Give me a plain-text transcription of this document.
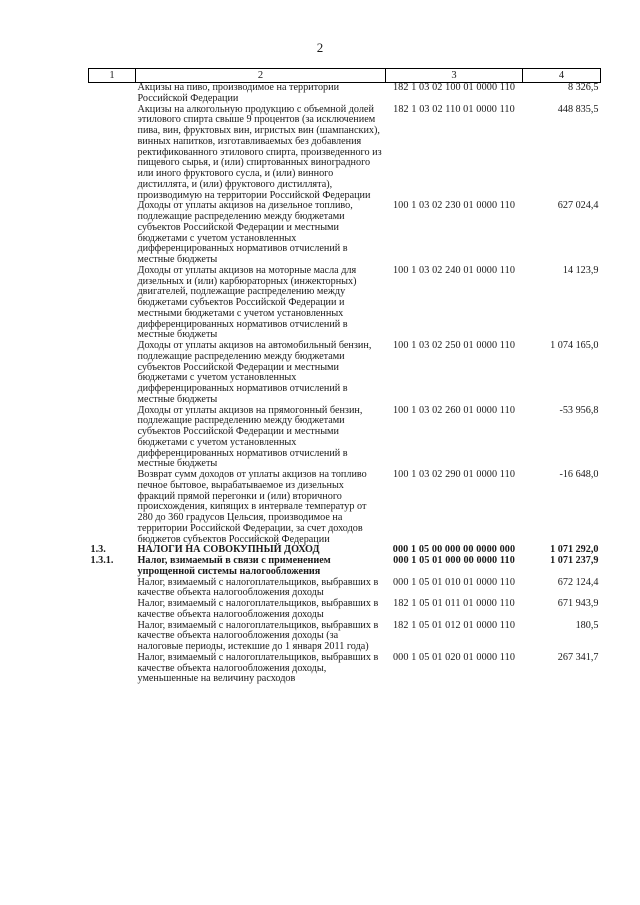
2
1	2	3	4
	Акцизы на пиво, производимое на территории Российской Федерации	182 1 03 02 100 01 0000 110	8 326,5
	Акцизы на алкогольную продукцию с объемной долей этилового спирта свыше 9 процентов (за исключением пива, вин, фруктовых вин, игристых вин (шампанских), винных напитков, изготавливаемых без добавления ректификованного этилового спирта, произведенного из пищевого сырья, и (или) спиртованных виноградного или иного фруктового сусла, и (или) винного дистиллята, и (или) фруктового дистиллята), производимую на территории Российской Федерации	182 1 03 02 110 01 0000 110	448 835,5
	Доходы от уплаты акцизов на дизельное топливо, подлежащие распределению между бюджетами субъектов Российской Федерации и местными бюджетами с учетом установленных дифференцированных нормативов отчислений в местные бюджеты	100 1 03 02 230 01 0000 110	627 024,4
	Доходы от уплаты акцизов на моторные масла для дизельных и (или) карбюраторных (инжекторных) двигателей, подлежащие распределению между бюджетами субъектов Российской Федерации и местными бюджетами с учетом установленных дифференцированных нормативов отчислений в местные бюджеты	100 1 03 02 240 01 0000 110	14 123,9
	Доходы от уплаты акцизов на автомобильный бензин, подлежащие распределению между бюджетами субъектов Российской Федерации и местными бюджетами с учетом установленных дифференцированных нормативов отчислений в местные бюджеты	100 1 03 02 250 01 0000 110	1 074 165,0
	Доходы от уплаты акцизов на прямогонный бензин, подлежащие распределению между бюджетами субъектов Российской Федерации и местными бюджетами с учетом установленных дифференцированных нормативов отчислений в местные бюджеты	100 1 03 02 260 01 0000 110	-53 956,8
	Возврат сумм доходов от уплаты акцизов на топливо печное бытовое, вырабатываемое из дизельных фракций прямой перегонки и (или) вторичного происхождения, кипящих в интервале температур от 280 до 360 градусов Цельсия, производимое на территории Российской Федерации, за счет доходов бюджетов субъектов Российской Федерации	100 1 03 02 290 01 0000 110	-16 648,0
1.3.	НАЛОГИ НА СОВОКУПНЫЙ ДОХОД	000 1 05 00 000 00 0000 000	1 071 292,0
1.3.1.	Налог, взимаемый в связи с применением упрощенной системы налогообложения	000 1 05 01 000 00 0000 110	1 071 237,9
	Налог, взимаемый с налогоплательщиков, выбравших в качестве объекта налогообложения доходы	000 1 05 01 010 01 0000 110	672 124,4
	Налог, взимаемый с налогоплательщиков, выбравших в качестве объекта налогообложения доходы	182 1 05 01 011 01 0000 110	671 943,9
	Налог, взимаемый с налогоплательщиков, выбравших в качестве объекта налогообложения доходы (за налоговые периоды, истекшие до 1 января 2011 года)	182 1 05 01 012 01 0000 110	180,5
	Налог, взимаемый с налогоплательщиков, выбравших в качестве объекта налогообложения доходы, уменьшенные на величину расходов	000 1 05 01 020 01 0000 110	267 341,7
